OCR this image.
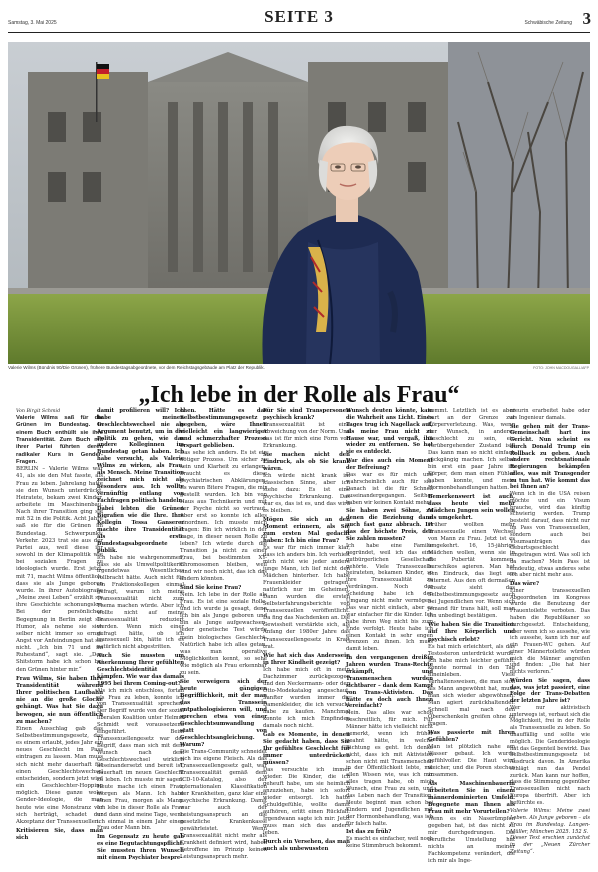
Samstag, 3. Mai 2025	SEITE 3	Schwäbische Zeitung 3
Valerie Wilms (Bündnis 90/Die Grünen), frühere Bundestagsabgeordnete, vor dem Reichstagsgebäude am Platz der Republik.	FOTO: JOHN MACDOUGALL/AFP
„Ich lebe in der Rolle als Frau“

Von Birgit Schmid

Valerie Wilms saß für die Grünen im Bundestag. In einem Buch enthüllt sie ihre Transidentität. Zum Buch mit ihrer Partei führten deren radikaler Kurs in Gender-Fragen.

BERLIN – Valerie Wilms war 41, als sie den Mut fasste, als Frau zu leben. Jahrelang hatte sie den Wunsch unterdrückt. Heiratete, bekam zwei Kinder, arbeitete im Maschinenbau. Nach ihrer Transition ging sie mit 52 in die Politik. Acht Jahre saß sie für die Grünen im Bundestag. Schwerpunkt: Verkehr. 2023 trat sie aus der Partei aus, weil diese ihr sowohl in der Klimapolitik wie bei sozialen Fragen zu ideologisch wurde. Erst jetzt, mit 71, macht Wilms öffentlich, dass sie als Junge geboren wurde. In ihrer Autobiografie „Meine zwei Leben“ erzählt sie ihre Geschichte schonungslos. Bei der persönlichen Begegnung in Berlin zeigt sie Humor, als nehme sie sich selber nicht immer so ernst. Angst vor Anfeindungen hat sie nicht. „Ich bin 71 und im Ruhestand“, sagt sie. „Den Shitstorm habe ich schon bei den Grünen hinter mir.“

Frau Wilms, Sie haben Ihre Transidentität während Ihrer politischen Laufbahn nie an die große Glocke gehängt. Was hat Sie dazu bewogen, sie nun öffentlich zu machen?

Einen Ausschlag gab das Selbstbestimmungsgesetz, das es einem erlaubt, jedes Jahr ein neues Geschlecht im Pass eintragen zu lassen. Man muss sich nicht mehr dauerhaft für einen Geschlechtswechsel entscheiden, sondern jetzt wird ein Geschlechter-Hopping möglich. Diese ganze woke Gender-Ideologie, die man heute wie eine Monstranz vor sich herträgt, schadet der Akzeptanz der Transsexuellen.

Kritisieren Sie, dass man sich

damit profilieren will? Ich habe meinen Geschlechtswechsel nie als Argument benutzt, um in die Politik zu gehen, wie das andere Kolleginnen im Bundestag getan haben. Ich habe versucht, als Valerie Wilms zu wirken, als Frau, als Mensch. Meine Transition zeichnet mich nicht als besonders aus. Ich wollte vernünftig entlang von Fachfragen politisch handeln.

Dabei lebten die Grünen Bigrafien wie die Ihre. Ihre Kollegin Tessa Ganserer machte ihre Transidentität als erste Bundestagsabgeordnete publik.

Ich habe nie wahrgenommen, dass sie als Umweltpolitikerin irgendetwas Wesentliches vollbracht hätte. Auch nicht für ein Fraktionskollegen einmal gefragt, warum ich meine Transsexualität nicht zum Thema machen würde. Aber ich wollte nicht auf meine Transsexualität reduziert werden. Wenn mich einer gefragt hätte, ob ich transsexuell bin, hätte ich es natürlich nicht abgestritten.

Auch Sie mussten um Anerkennung Ihrer gefühlten Geschlechtsidentität kämpfen. Wie war das damals 1995 bei Ihrem Coming-out?

Als ich mich entschloss, fortan als Frau zu leben, konnte ich von Transsexualität sprechen. Der Begriff wurde von der sozial liberalen Koalition unter Helmut Schmidt weit voraussetzend eingeführt. Beim Transsexuellengesetz war der Begriff, dass man sich mit dem Wunsch nach dem Geschlechtswechsel wirklich auseinandersetzt und bereit ist, dauerhaft im neuen Geschlecht zu leben. Ich musste mir sagen: Heute mache ich einen Frau, morgen als Mann. Ich habe einen Frau, morgen als Mann. Ich lebe in dieser Rolle als Frau und dann sind meine Tage, wenn ich einmal in einem Jahr einen Frau oder Mann bin.

Im Gegensatz zu heute gab es eine Begutachtungspflicht. Sie mussten Ihren Wunsch mit einem Psychiater bespre-

chen. Hätte es das Selbstbestimmungsgesetz gegeben, wäre Ihnen vielleicht ein langwieriger und schmerzhafter Prozess erspart geblieben.

Das sehe ich anders. Es ist ein nötiger Prozess. Um sicher zu sein und Klarheit zu erlangen, braucht es diese psychiatrischen Abklärungen. Es waren Bitere Fragen, die mir gestellt wurden. Ich bin von Haus aus Technikerin und mit der Psyche nicht so vertraut. Aber erst so konnte ich alles einordnen. Ich musste mich fragen: Bin ich wirklich in der Lage, in dieser neuen Rolle zu leben? Ich würde durch die Transition ja nicht zu einer Frau, bei bestimmten XY-Chromosomen bleiben, weil sind wir noch nicht, das ich das ändern könnten.

Sind Sie keine Frau?

Nein. Ich lebe in der Rolle als Frau. Es ist eine soziale Rolle, und ich wurde ja gesagt, denn ich bin als Junge geboren und bin als Junge aufgewachsen, jeder genetische Test würde mein biologisches Geschlecht. Natürlich habe ich alles getan, was man operative Möglichkeiten kennt, so sehe wie möglich als Frau erkennbar zu sein.

Sie verweigern sich der heute gängigen Begrifflichkeit, mit der man das Transsein entpathologisieren will, und sprechen etwa von einer Geschlechtsumwandlung statt von Geschlechtsangleichung. Warum?

Die Trans-Community schneidet sich ins eigene Fleisch. Als das Transsexuellengesetz galt, war Transsexualität gemäß dem ICD-10-Katalog, also der internationalen Klassifikation der Krankheiten, ganz klar eine psychische Erkrankung. Damit war auch der Leistungsanspruch an die gesetzliche Krankenkasse gewährleistet. Wenn Transsexualität nicht mehr als Krankheit definiert wird, haben Betroffene im Prinzip keinen Leistungsanspruch mehr.

Für Sie sind Transpersonen psychisch krank?

Transsexualität ist eine Abweichung von der Norm. Und das ist für mich eine Form von Erkrankung.

Sie machen nicht den Eindruck, als ob Sie krank wären.

Ich würde nicht krank im klassischen Sinne, aber ich stehe dazu: Es ist eine psychische Erkrankung. Das war es, das ist es, und das wird es bleiben.

Mögen Sie sich an den Moment erinnern, als Sie zum ersten Mal gedacht haben: Ich bin eine Frau?

Es war für mich immer klar, dass ich anders bin. Ich verhielt mich nicht wie jeder andere junge Mann, ich lief nicht den Mädchen hinterher. Ich habe Frauenkleider getragen, natürlich nur im Geheimen. Dann wurden die ersten Selbsterfahrungsberichte von Transsexuellen veröffentlicht. Da fing das Nachdenken an. Die Gewissheit verstärkte sich, als Anfang der 1980er Jahre das Transsexuellengesetz in Kraft trat.

Wie hat sich das Anderssein in Ihrer Kindheit gezeigt?

Ich habe mich oft in mein Dachzimmer zurückgezogen und den Neckermann- oder den Otto-Modekatalog angeschaut. Sanfter wurden immer die Damenkleider, die ich versucht habe zu kaufen. Manchmal konnte ich mich Empfinden damals noch nicht.

Gab es Momente, in denen Sie gedacht haben, dass Sie Ihr gefühltes Geschlecht für immer unterdrücken müssen?

Das versuchte ich immer wieder. Die Kinder, die ich geheuft habe, um sie heimlich anzuziehen, habe ich sofort wieder entsorgt. Ich hatte Schuldgefühle, wollte damit aufhören, erlitt einen Rückfall. Irgendwann sagte ich mir: Jetzt muss man sich das anders leben.

Durch ein Versehen, das man auch als unbewussten

Wunsch deuten könnte, kam die Wahrheit ans Licht. Eines Tages trug ich Nagellack auf, als meine Frau nicht zu Hause war, und vergaß, ihn wieder zu entfernen. So hat sie es entdeckt.

War dies auch ein Moment der Befreiung?

Das war es für mich und wahrscheinlich auch für sie. Danach ist die für Schnell auseinandergegangen. Seither haben wir keinen Kontakt mehr.

Sie haben zwei Söhne, zu denen die Beziehung dann auch fast ganz abbrach. Ist das der höchste Preis, den Sie zahlen mussten?

Ich habe eine Familie gegründet, weil ich das eine gutbürgerlichen Gesellschaft gehörte. Viele Transsexuelle heirateten, bekamen Kinder, so ihre Transsexualität zu verdrängen. Noch der Scheidung habe ich den Umgang nicht mehr vermögen. Das war nicht einfach, aber es war einfacher für die Kinder. Ich habe ihren Weg nicht bis zum Ende verfolgt. Heute habe ich einen Kontakt in sehr engen Grenzen zu ihnen. Ich muss damit leben.

In den vergangenen dreißig Jahren wurden Trans-Rechte erkämpft, und Transmenschen wurden sichtbarer – dank dem Kampf von Trans-Aktivisten. Das hätte es doch auch Ihnen vereinfacht?

Nein. Das alles war schon beschreitlich, für mich. Für Männer hätte ich vielleicht nicht gemerkt, wenn ich früher geahnt hätte, in welche Richtung es geht. Ich denke nicht, dass ich mit Aktivisten schon nicht mit Transmenschen in der Öffentlichkeit lebte, mit allen Wissen wie, was ich mir alles tragen habe, ob mich Wunsch, eine Frau zu sein, und das Leben nach der Transition. Heute beginnt man schon bei Kindern und Jugendlichen mit der Hormonbehandlung, was ich für falsch halte.

Ist das zu früh?

Es macht es einfacher, weil noch keine Stimmbruch bekommt.

kommt. Letztlich ist es aber hart an der Grenze zur Körperverletzung. Was, wenn der Wunsch, in anderes Geschlecht zu sein, ein vorübergehender Zustand ist? Das kann man so nicht einfach rückgängig machen. Ich selbst bin erst ein paar Jahre im Körper, dem man einen Fühler haben konnte, und mein Hormonbehandlungen hatten.

Bemerkenswert ist auch, dass heute viel mehr Mädchen Jungen sein wollen als umgekehrt.

Früher wollten mehr Transsexuelle einen Wechsel von Mann zu Frau. Jetzt ist es umgekehrt. 16, 15-jährige Mädchen wollen, wenn sie in die Pubertät kommen, burschikos agieren. Man hat den Eindruck, das liegt am Internet. Aus den oft dermaßen Ansatz sieht das Selbstbestimmungsgesetz auch bei Jugendlichen vor. Wenn sich jemand für trans hält, soll man ihn unbedingt bestätigen.

Wie haben Sie die Transition auf Ihre Körperlich und psychisch erlebt?

Es hat mich erleichtert, als das Testosteron unterdrückt wurde. Ich habe mich leichter gefühlt, konnte normal in den Tag hineinleben. Viele Verhaltensweisen, die man sich als Mann angewöhnt hat, muss man sich wieder abgewöhnen. Man agiert zurückhaltender. Schnell mal nach den Oberschenkeln greifen ohne zu fragen.

Was passierte mit Ihren Gefühlen?

Man ist plötzlich nahe am Wasser gebaut. Ich wurde gefühlvoller. Die Haut wird weicher, und die Poren stechen zusammen.

Als Maschinenbauerin arbeiteten Sie in einem männerdominierten Umfeld. Begegnete man Ihnen als Frau mit mehr Vorurteilen?

Wenn es ein Naserümpfen gegeben hat, ist das nicht zu mir durchgedrungen. Die berufliche Umstellung hat nichts an meiner Fachkompetenz verändert, die ich mir als Inge-

nieurin erarbeitet habe oder als Ingenieur damals.

Sie gehen mit der Trans-Gemeinschaft hart ins Gericht. Nun scheint es durch Donald Trump ein Rollback zu geben. Auch andere rechtsnationale Regierungen bekämpfen alles, was mit Transgender zu tun hat. Wie kommt das bei Ihnen an?

Wenn ich in die USA reisen möchte und ein Visum brauche, wird das künftig schwierig werden. Trump besteht darauf, dass nicht nur im Pass von Transsexuellen, sondern auch bei Visumsanträgen das Geburtsgeschlecht eingetragen wird. Was soll ich da machen? Mein Pass ist eindeutig, etwas anderes sehe ich aber nicht mehr aus.

Das wäre?

Einer transsexuellen Abgeordneten im Kongress wurde die Benutzung der Frauentoilette verboten. Das haben die Republikaner so durchgesetzt. Entscheidung, aber wenn ich so aussehe, wie ich aussehe, kann ich nur auf ein Frauen-WC gehen. Auf einer Männertoilette würden mich die Männer angreifen und finden: „Die hat hier nichts verloren.“

Würden Sie sagen, dass das, was jetzt passiert, eine Folge der Trans-Debatten der letzten Jahre ist?

Wer nur aktivistisch unterwegs ist, verbaut sich die Möglichkeit, frei in der Rolle als Transsexuelle zu leben. So unauffällig und sollte wie möglich. Die Genderideologie hat das Gegenteil bewirkt. Das Selbstbestimmungsgesetz ist Ausdruck davon. In Amerika schlägt nun das Pendel zurück. Man kann nur hoffen, dass die Stimmung gegenüber Transsexuellen nicht nach Europa überfrift. Aber ich befürchte es.

Valerie Wilms: Meine zwei Leben. Als Junge geboren – als Frau im Bundestag. Langen-Müller, München 2025. 152 S.

Dieser Text erschien zunächst in der „Neuen Zürcher Zeitung“.
